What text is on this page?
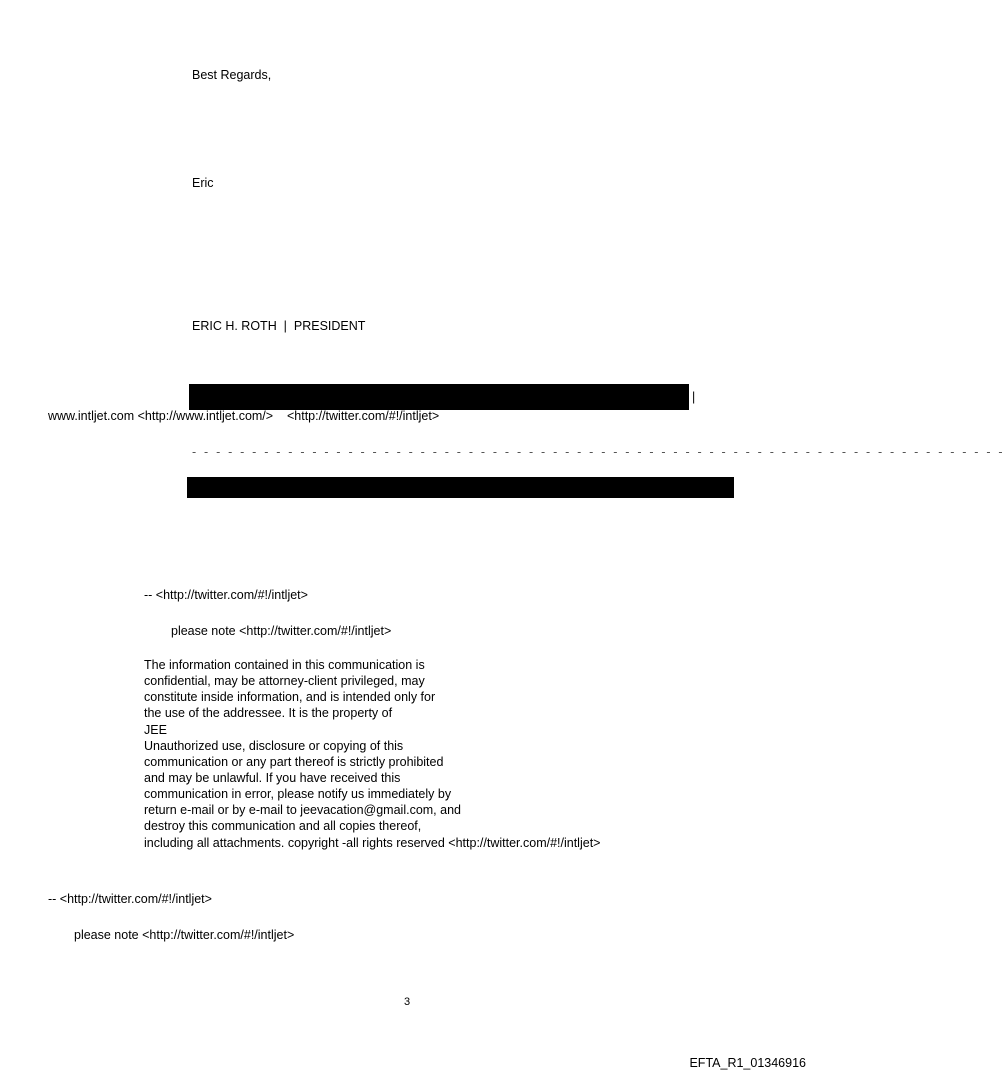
Best Regards,
Eric
ERIC H. ROTH  |  PRESIDENT
|
www.intljet.com <http://www.intljet.com/>    <http://twitter.com/#!/intljet>
- - - - - - - - - - - - - - - - - - - - - - - - - - - - - - - - - - - - - - - - - - - - - - - - - - - - - - - - - - - - - - - - - - - -
-- <http://twitter.com/#!/intljet>
please note <http://twitter.com/#!/intljet>
The information contained in this communication is
confidential, may be attorney-client privileged, may
constitute inside information, and is intended only for
the use of the addressee. It is the property of
JEE
Unauthorized use, disclosure or copying of this
communication or any part thereof is strictly prohibited
and may be unlawful. If you have received this
communication in error, please notify us immediately by
return e-mail or by e-mail to jeevacation@gmail.com, and
destroy this communication and all copies thereof,
including all attachments. copyright -all rights reserved <http://twitter.com/#!/intljet>
-- <http://twitter.com/#!/intljet>
please note <http://twitter.com/#!/intljet>
3
EFTA_R1_01346916
